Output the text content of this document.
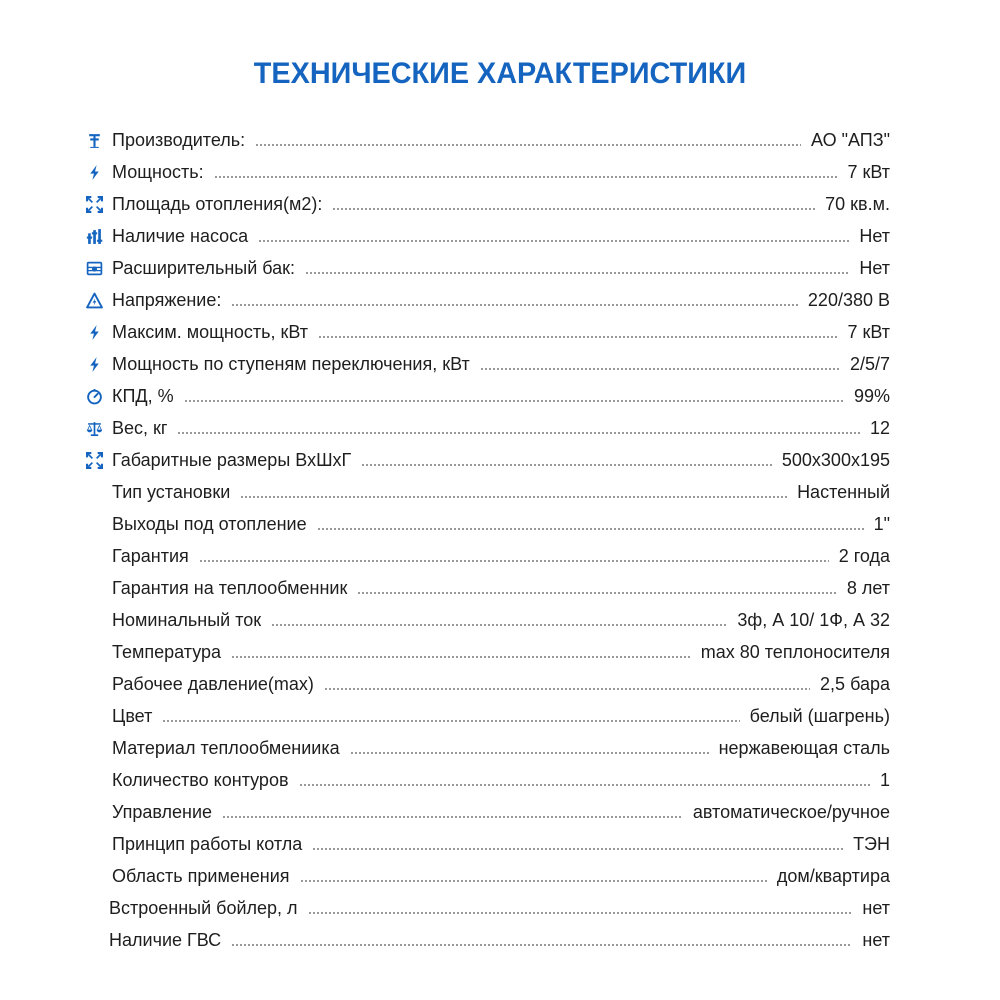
ТЕХНИЧЕСКИЕ ХАРАКТЕРИСТИКИ
Производитель:	АО "АПЗ"
Мощность:	7 кВт
Площадь отопления(м2):	70 кв.м.
Наличие насоса	Нет
Расширительный бак:	Нет
Напряжение:	220/380 В
Максим. мощность, кВт	7 кВт
Мощность по ступеням переключения, кВт	2/5/7
КПД, %	99%
Вес, кг	12
Габаритные размеры ВхШхГ	500х300х195
Тип установки	Настенный
Выходы под отопление	1"
Гарантия	2 года
Гарантия на теплообменник	8 лет
Номинальный ток	3ф, А 10/ 1Ф, А 32
Температура	max 80 теплоносителя
Рабочее давление(max)	2,5 бара
Цвет	белый (шагрень)
Материал теплообмениика	нержавеющая сталь
Количество контуров	1
Управление	автоматическое/ручное
Принцип работы котла	ТЭН
Область применения	дом/квартира
Встроенный бойлер, л	нет
Наличие ГВС	нет
